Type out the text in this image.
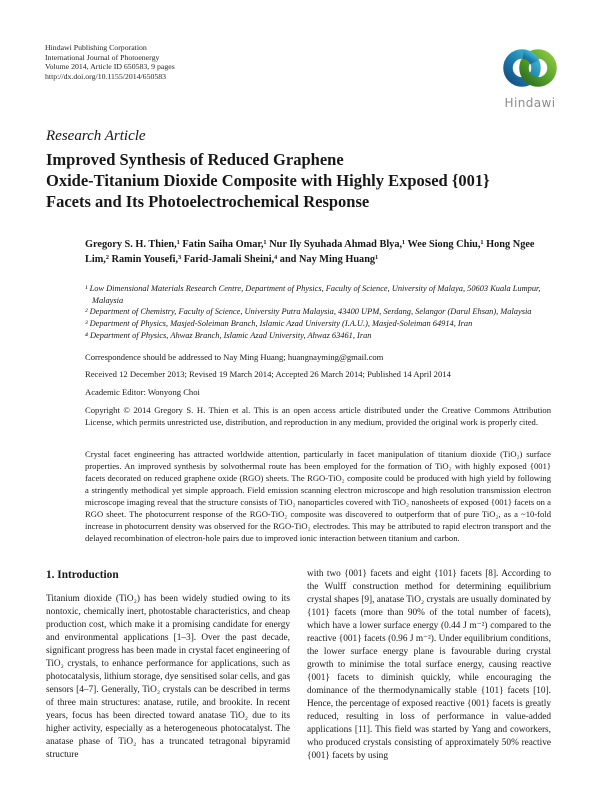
Hindawi Publishing Corporation
International Journal of Photoenergy
Volume 2014, Article ID 650583, 9 pages
http://dx.doi.org/10.1155/2014/650583
Hindawi
Research Article
Improved Synthesis of Reduced Graphene
Oxide-Titanium Dioxide Composite with Highly Exposed {001}
Facets and Its Photoelectrochemical Response
Gregory S. H. Thien,¹ Fatin Saiha Omar,¹ Nur Ily Syuhada Ahmad Blya,¹ Wee Siong Chiu,¹ Hong Ngee Lim,² Ramin Yousefi,³ Farid-Jamali Sheini,⁴ and Nay Ming Huang¹
¹ Low Dimensional Materials Research Centre, Department of Physics, Faculty of Science, University of Malaya, 50603 Kuala Lumpur, Malaysia
² Department of Chemistry, Faculty of Science, University Putra Malaysia, 43400 UPM, Serdang, Selangor (Darul Ehsan), Malaysia
³ Department of Physics, Masjed-Soleiman Branch, Islamic Azad University (I.A.U.), Masjed-Soleiman 64914, Iran
⁴ Department of Physics, Ahwaz Branch, Islamic Azad University, Ahwaz 63461, Iran
Correspondence should be addressed to Nay Ming Huang; huangnayming@gmail.com
Received 12 December 2013; Revised 19 March 2014; Accepted 26 March 2014; Published 14 April 2014
Academic Editor: Wonyong Choi
Copyright © 2014 Gregory S. H. Thien et al. This is an open access article distributed under the Creative Commons Attribution License, which permits unrestricted use, distribution, and reproduction in any medium, provided the original work is properly cited.
Crystal facet engineering has attracted worldwide attention, particularly in facet manipulation of titanium dioxide (TiO₂) surface properties. An improved synthesis by solvothermal route has been employed for the formation of TiO₂ with highly exposed {001} facets decorated on reduced graphene oxide (RGO) sheets. The RGO-TiO₂ composite could be produced with high yield by following a stringently methodical yet simple approach. Field emission scanning electron microscope and high resolution transmission electron microscope imaging reveal that the structure consists of TiO₂ nanoparticles covered with TiO₂ nanosheets of exposed {001} facets on a RGO sheet. The photocurrent response of the RGO-TiO₂ composite was discovered to outperform that of pure TiO₂, as a ~10-fold increase in photocurrent density was observed for the RGO-TiO₂ electrodes. This may be attributed to rapid electron transport and the delayed recombination of electron-hole pairs due to improved ionic interaction between titanium and carbon.
1. Introduction

Titanium dioxide (TiO₂) has been widely studied owing to its nontoxic, chemically inert, photostable characteristics, and cheap production cost, which make it a promising candidate for energy and environmental applications [1–3]. Over the past decade, significant progress has been made in crystal facet engineering of TiO₂ crystals, to enhance performance for applications, such as photocatalysis, lithium storage, dye sensitised solar cells, and gas sensors [4–7]. Generally, TiO₂ crystals can be described in terms of three main structures: anatase, rutile, and brookite. In recent years, focus has been directed toward anatase TiO₂ due to its higher activity, especially as a heterogeneous photocatalyst. The anatase phase of TiO₂ has a truncated tetragonal bipyramid structure

with two {001} facets and eight {101} facets [8]. According to the Wulff construction method for determining equilibrium crystal shapes [9], anatase TiO₂ crystals are usually dominated by {101} facets (more than 90% of the total number of facets), which have a lower surface energy (0.44 J m⁻²) compared to the reactive {001} facets (0.96 J m⁻²). Under equilibrium conditions, the lower surface energy plane is favourable during crystal growth to minimise the total surface energy, causing reactive {001} facets to diminish quickly, while encouraging the dominance of the thermodynamically stable {101} facets [10]. Hence, the percentage of exposed reactive {001} facets is greatly reduced, resulting in loss of performance in value-added applications [11]. This field was started by Yang and coworkers, who produced crystals consisting of approximately 50% reactive {001} facets by using
